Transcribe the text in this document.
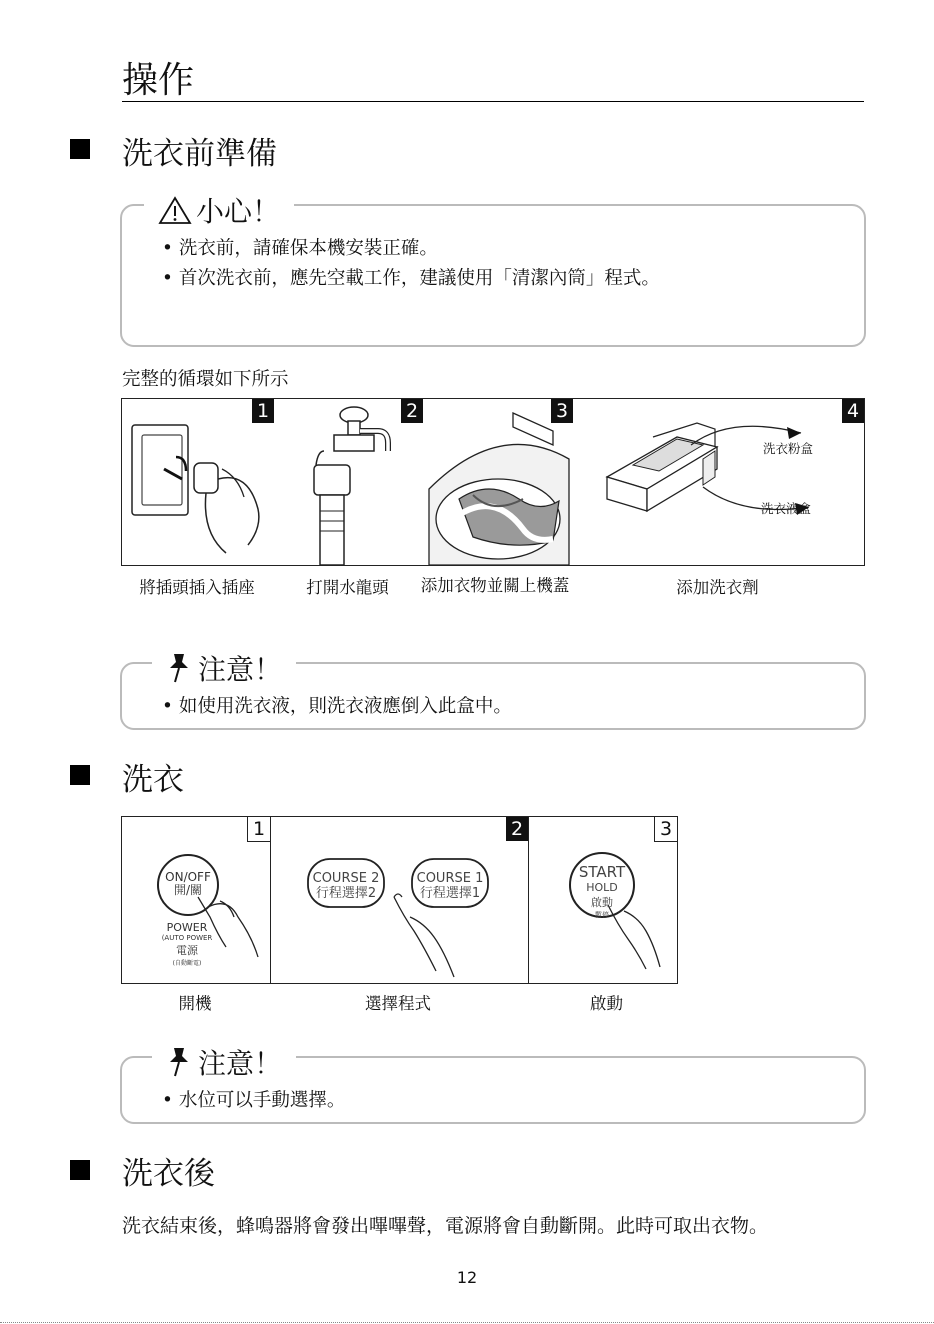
操作
洗衣前準備
小心！
• 洗衣前，請確保本機安裝正確。
• 首次洗衣前，應先空載工作，建議使用「清潔內筒」程式。
完整的循環如下所示
1	2	3	4
洗衣粉盒
洗衣液盒
將插頭插入插座	打開水龍頭	添加衣物並關上機蓋	添加洗衣劑
注意！
• 如使用洗衣液，則洗衣液應倒入此盒中。
洗衣
1
ON/OFF
開/關
POWER
(AUTO POWER
電源
(自動斷電)
2
COURSE 2
行程選擇2
COURSE 1
行程選擇1
3
START
HOLD
啟動
暫停
開機	選擇程式	啟動
注意！
• 水位可以手動選擇。
洗衣後
洗衣結束後，蜂鳴器將會發出嗶嗶聲，電源將會自動斷開。此時可取出衣物。
12
